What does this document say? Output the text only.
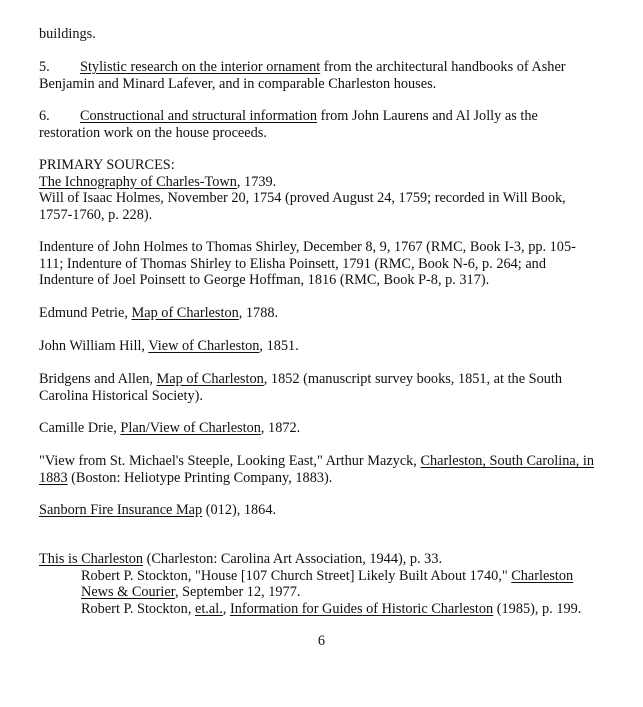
buildings.

5. Stylistic research on the interior ornament from the architectural handbooks of Asher Benjamin and Minard Lafever, and in comparable Charleston houses.

6. Constructional and structural information from John Laurens and Al Jolly as the restoration work on the house proceeds.

PRIMARY SOURCES:
The Ichnography of Charles-Town, 1739.
Will of Isaac Holmes, November 20, 1754 (proved August 24, 1759; recorded in Will Book, 1757-1760, p. 228).

Indenture of John Holmes to Thomas Shirley, December 8, 9, 1767 (RMC, Book I-3, pp. 105-111; Indenture of Thomas Shirley to Elisha Poinsett, 1791 (RMC, Book N-6, p. 264; and Indenture of Joel Poinsett to George Hoffman, 1816 (RMC, Book P-8, p. 317).

Edmund Petrie, Map of Charleston, 1788.

John William Hill, View of Charleston, 1851.

Bridgens and Allen, Map of Charleston, 1852 (manuscript survey books, 1851, at the South Carolina Historical Society).

Camille Drie, Plan/View of Charleston, 1872.

"View from St. Michael's Steeple, Looking East," Arthur Mazyck, Charleston, South Carolina, in 1883 (Boston: Heliotype Printing Company, 1883).

Sanborn Fire Insurance Map (012), 1864.

This is Charleston (Charleston: Carolina Art Association, 1944), p. 33.
Robert P. Stockton, "House [107 Church Street] Likely Built About 1740," Charleston News & Courier, September 12, 1977.
Robert P. Stockton, et.al., Information for Guides of Historic Charleston (1985), p. 199.
6
